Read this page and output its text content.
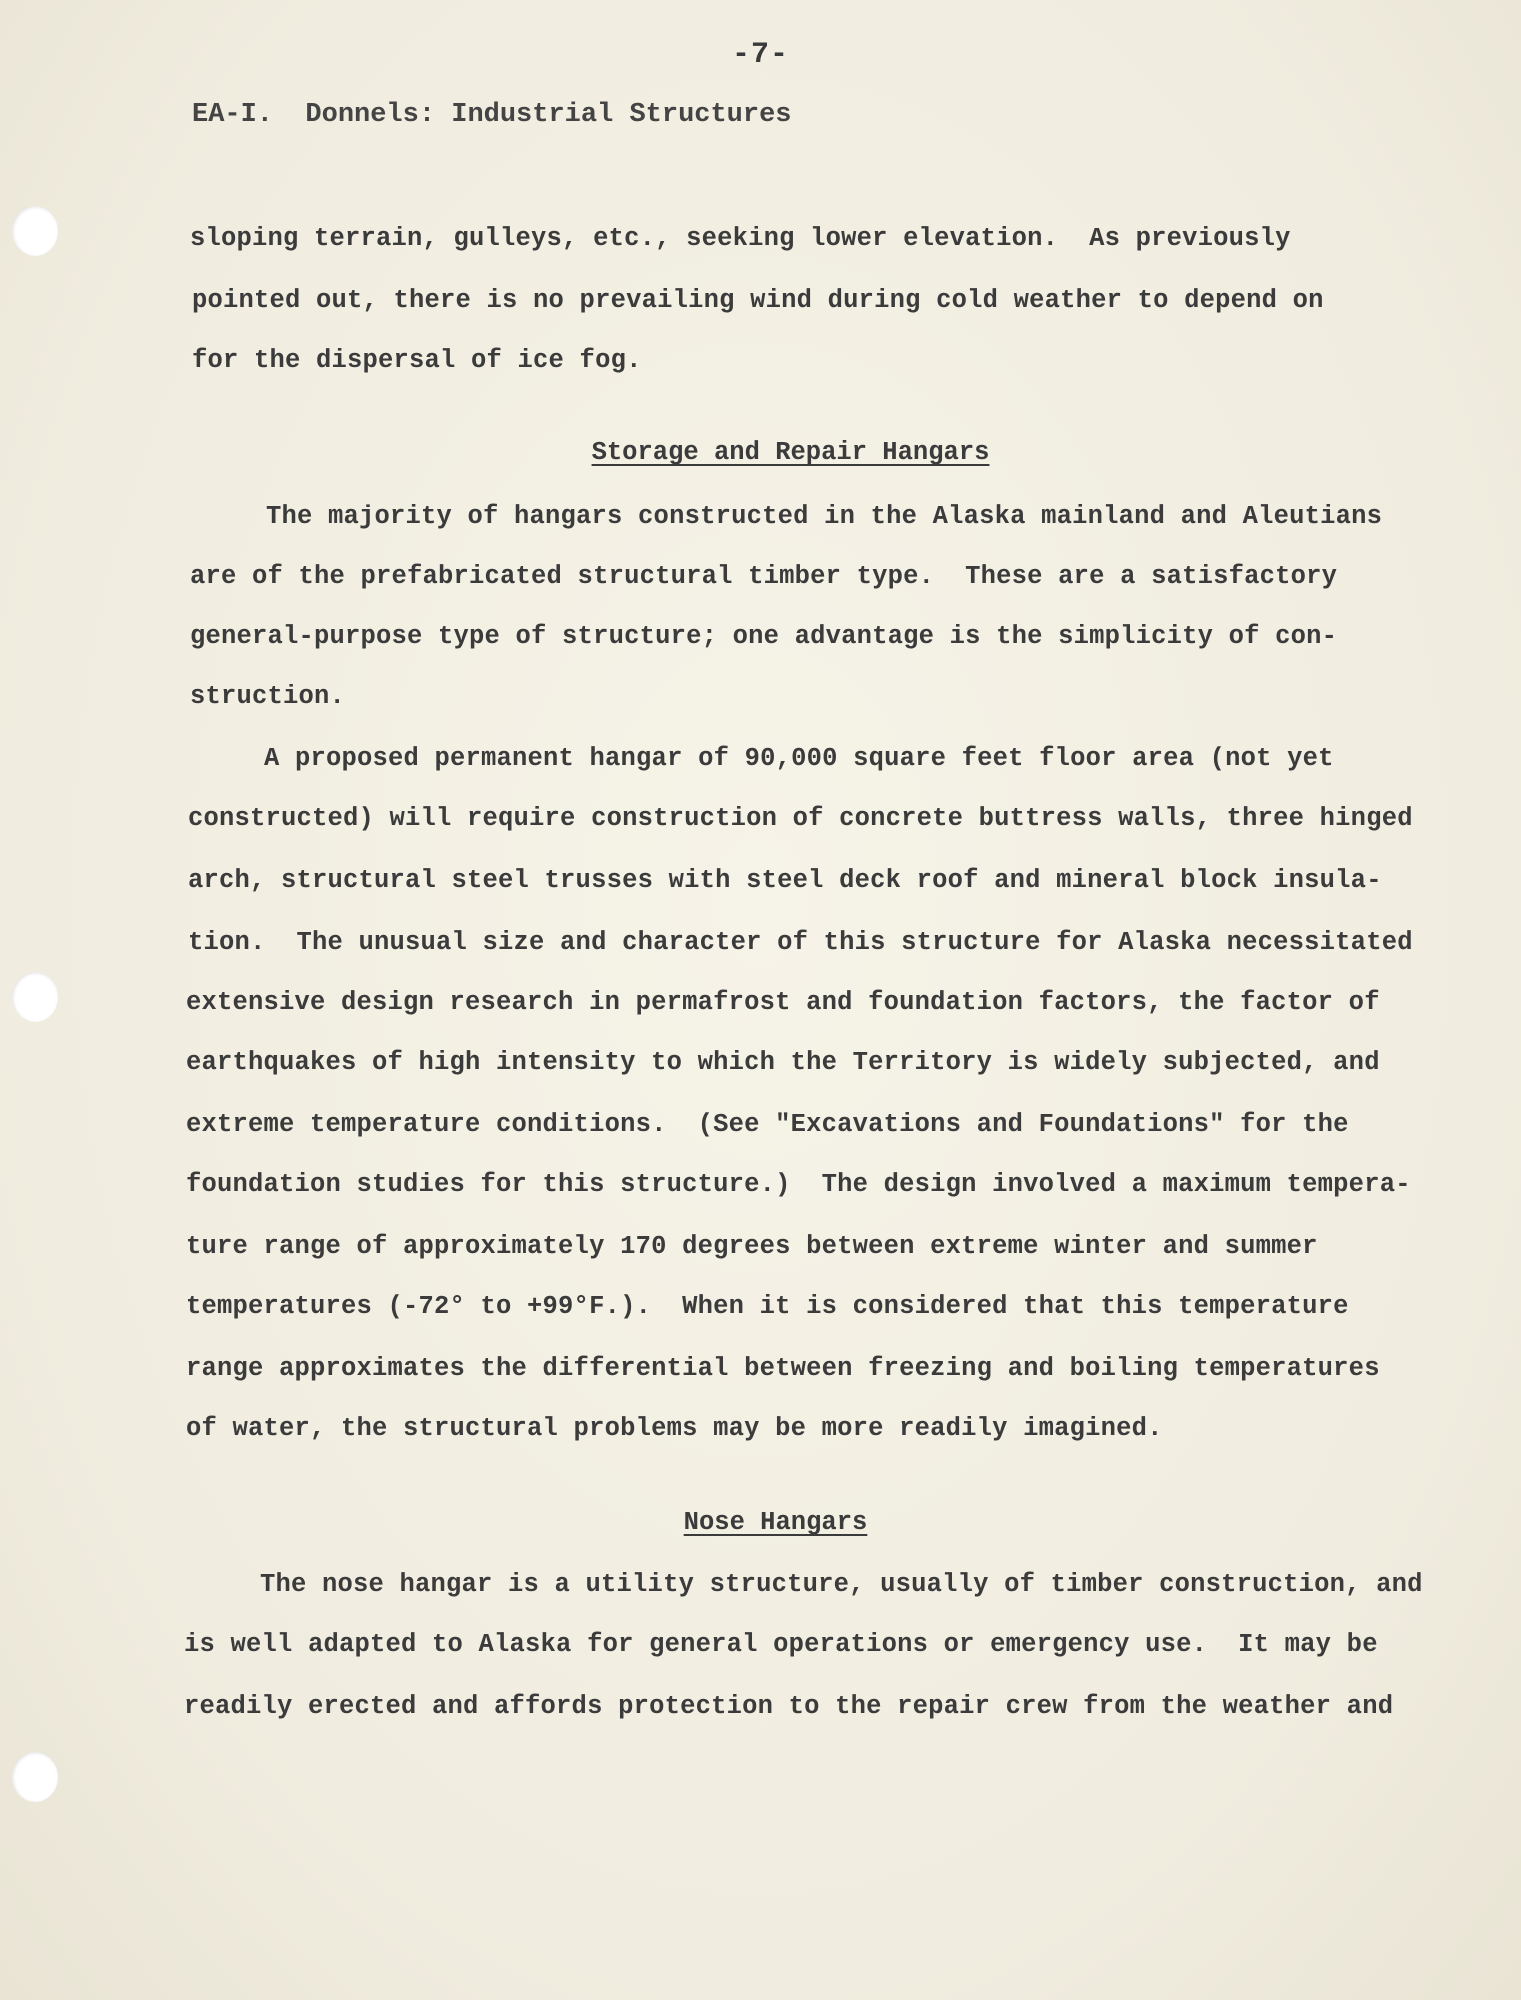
-7-
EA-I.  Donnels: Industrial Structures
sloping terrain, gulleys, etc., seeking lower elevation.  As previously
pointed out, there is no prevailing wind during cold weather to depend on
for the dispersal of ice fog.
Storage and Repair Hangars
The majority of hangars constructed in the Alaska mainland and Aleutians
are of the prefabricated structural timber type.  These are a satisfactory
general-purpose type of structure; one advantage is the simplicity of con-
struction.
A proposed permanent hangar of 90,000 square feet floor area (not yet
constructed) will require construction of concrete buttress walls, three hinged
arch, structural steel trusses with steel deck roof and mineral block insula-
tion.  The unusual size and character of this structure for Alaska necessitated
extensive design research in permafrost and foundation factors, the factor of
earthquakes of high intensity to which the Territory is widely subjected, and
extreme temperature conditions.  (See "Excavations and Foundations" for the
foundation studies for this structure.)  The design involved a maximum tempera-
ture range of approximately 170 degrees between extreme winter and summer
temperatures (-72° to +99°F.).  When it is considered that this temperature
range approximates the differential between freezing and boiling temperatures
of water, the structural problems may be more readily imagined.
Nose Hangars
The nose hangar is a utility structure, usually of timber construction, and
is well adapted to Alaska for general operations or emergency use.  It may be
readily erected and affords protection to the repair crew from the weather and
